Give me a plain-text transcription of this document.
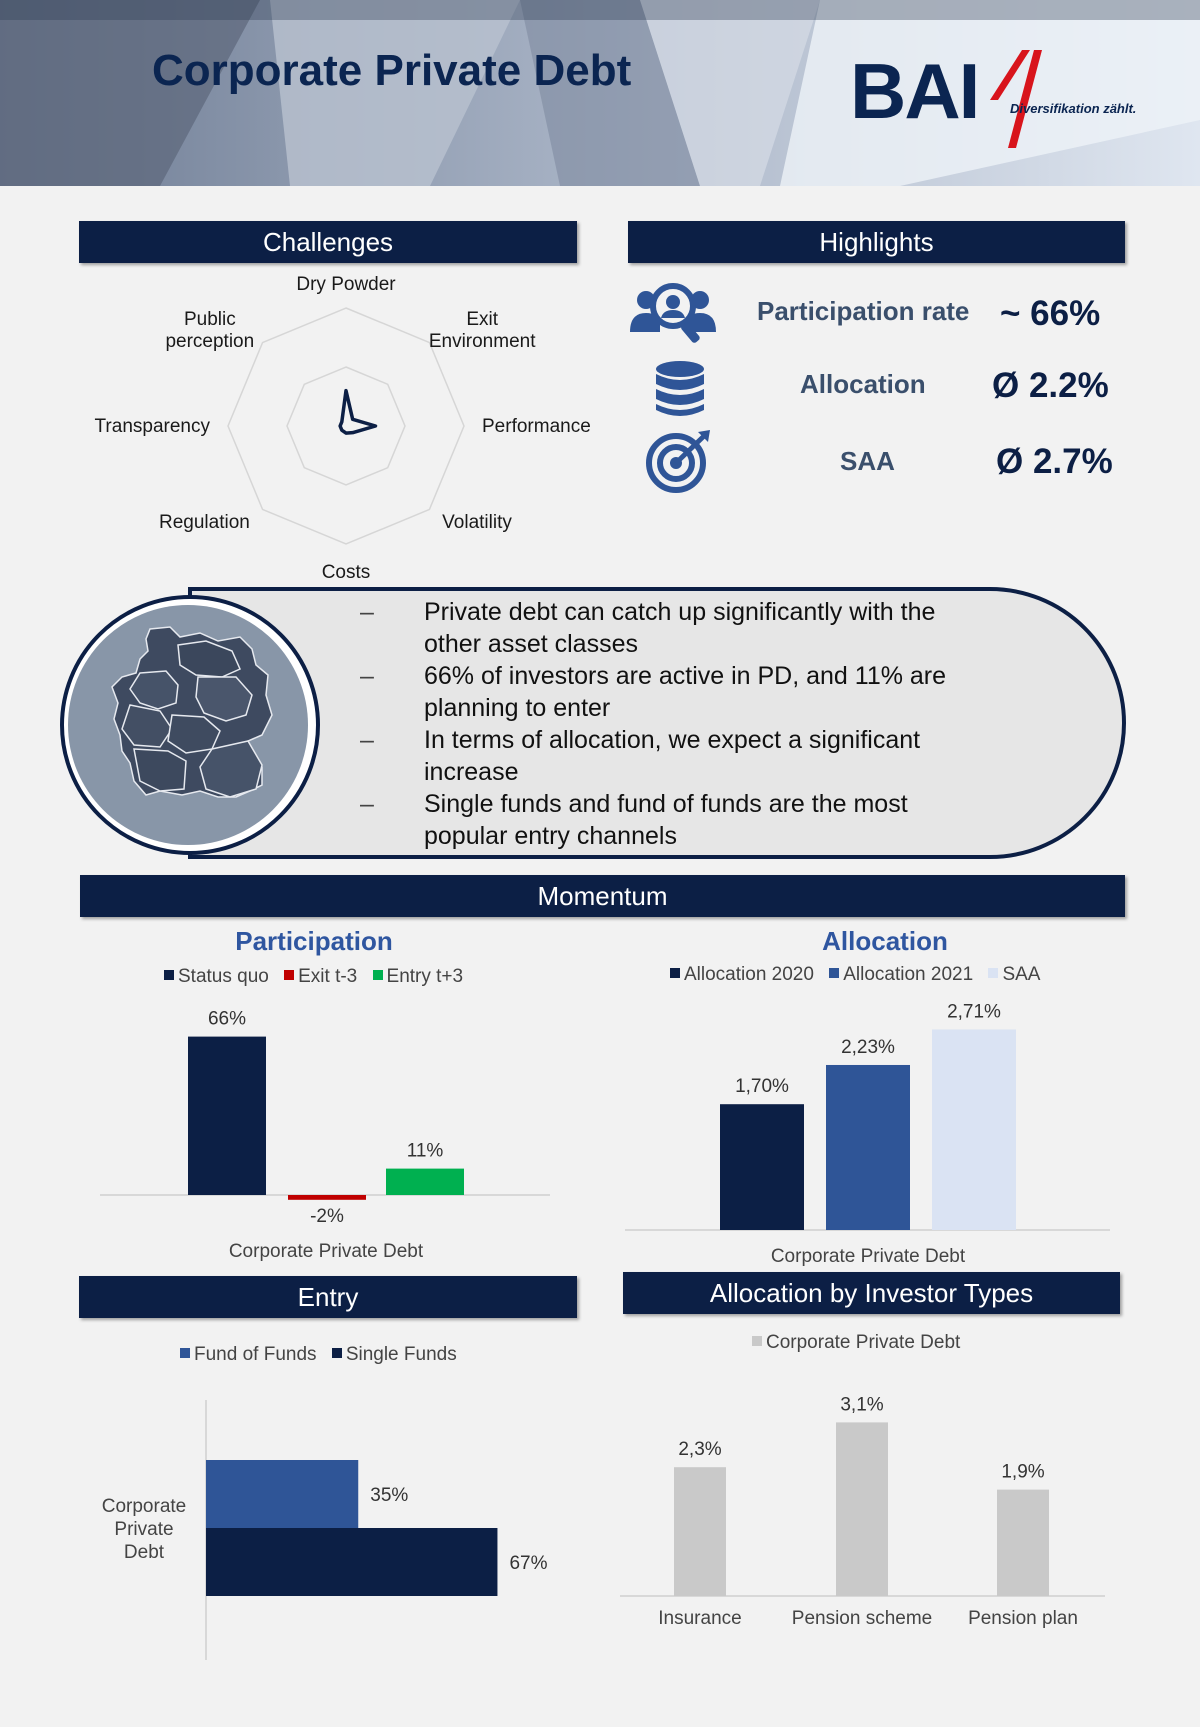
Corporate Private Debt	BAI Diversifikation zählt.
Challenges
Dry Powder
Exit Environment
Performance
Volatility
Costs
Regulation
Transparency
Public perception
Highlights
Participation rate ~ 66%
Allocation Ø 2.2%
SAA	Ø 2.7%
–	Private debt can catch up significantly with the other asset classes
–	66% of investors are active in PD, and 11% are planning to enter
–	In terms of allocation, we expect a significant increase
–	Single funds and fund of funds are the most popular entry channels
Momentum
Participation
Status quo Exit t-3 Entry t+3
66%
-2%
11%
Corporate Private Debt
Allocation
Allocation 2020 Allocation 2021 SAA
1,70%
2,23%
2,71%
Corporate Private Debt
Entry
Fund of Funds Single Funds
35%
67%
Corporate Private Debt
Allocation by Investor Types
Corporate Private Debt
2,3%
Insurance
3,1%
Pension scheme
1,9%
Pension plan
